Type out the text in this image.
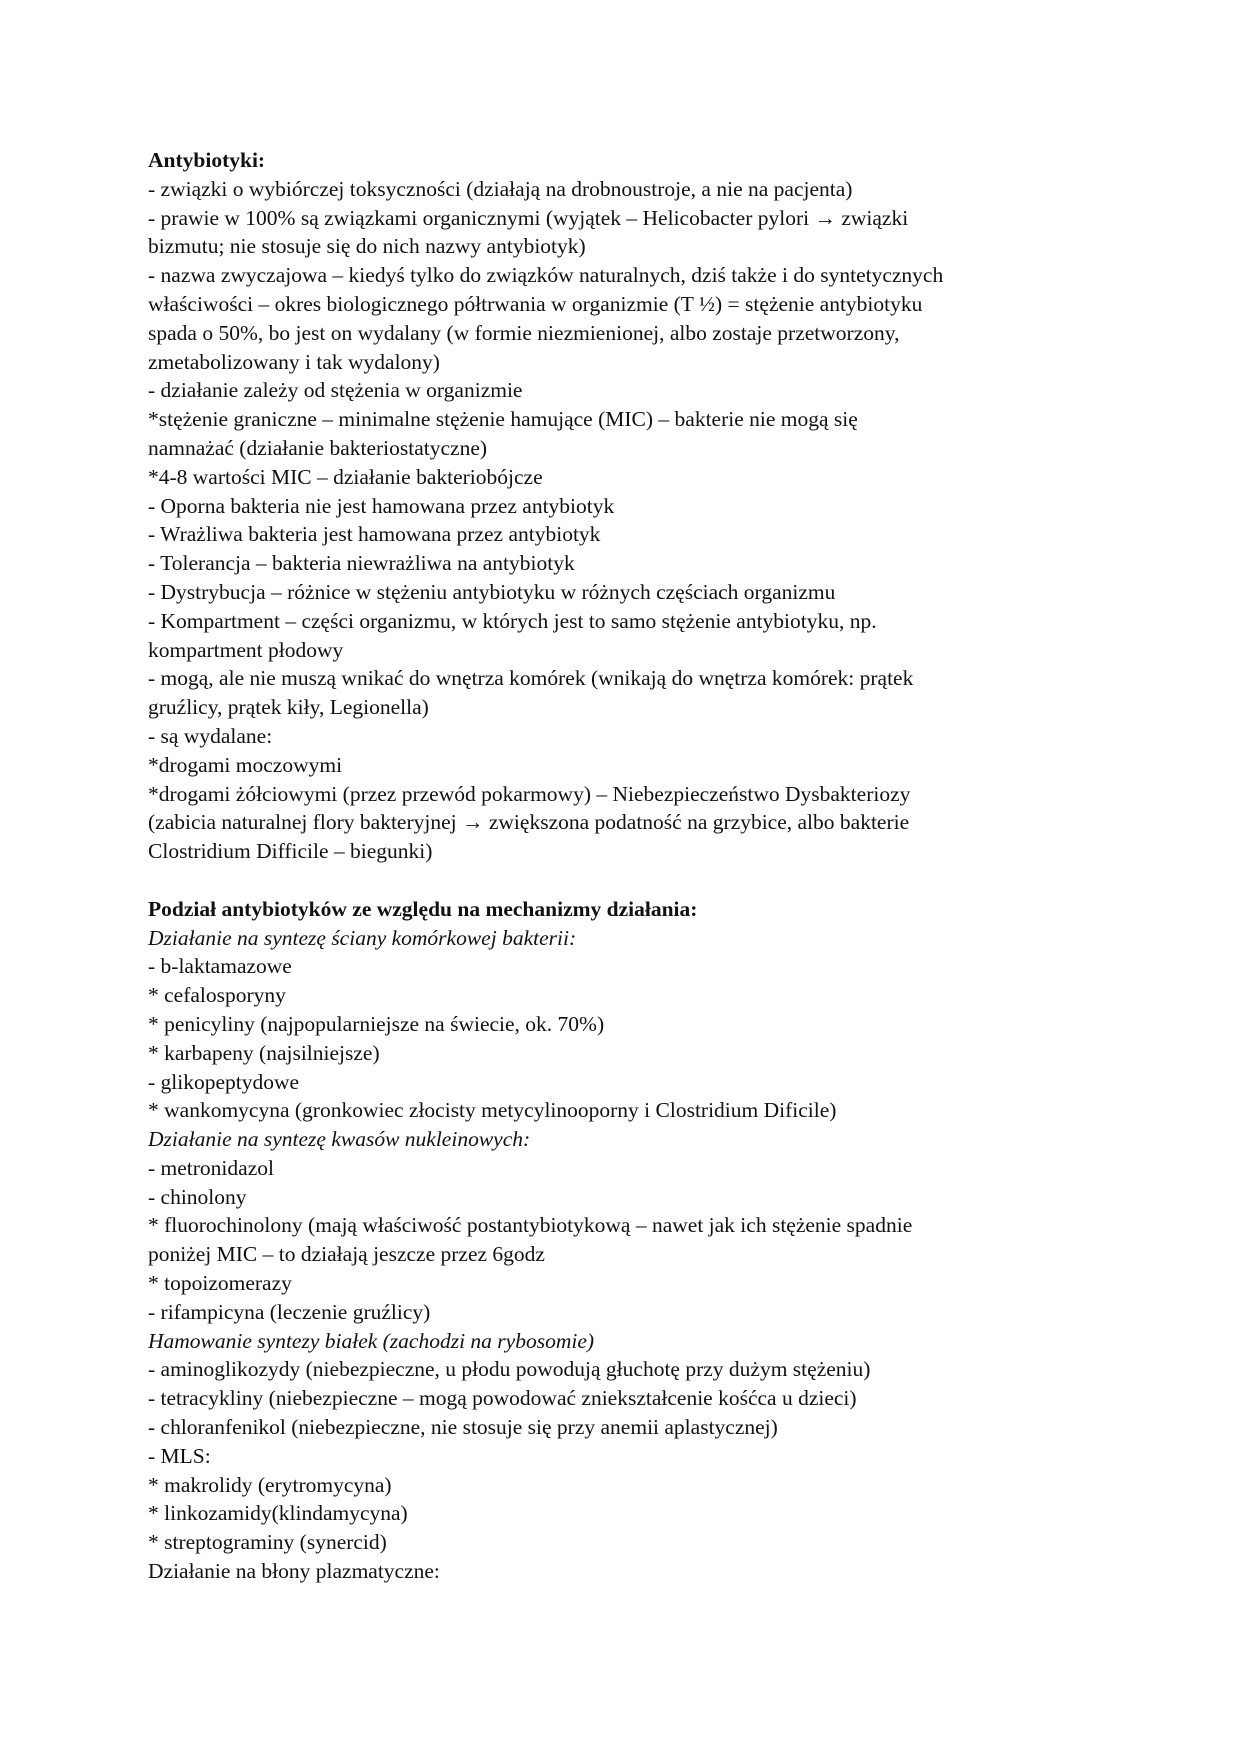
Antybiotyki:
- związki o wybiórczej toksyczności (działają na drobnoustroje, a nie na pacjenta)
- prawie w 100% są związkami organicznymi (wyjątek – Helicobacter pylori → związki
bizmutu; nie stosuje się do nich nazwy antybiotyk)
- nazwa zwyczajowa – kiedyś tylko do związków naturalnych, dziś także i do syntetycznych
właściwości – okres biologicznego półtrwania w organizmie (T ½) = stężenie antybiotyku
spada o 50%, bo jest on wydalany (w formie niezmienionej, albo zostaje przetworzony,
zmetabolizowany i tak wydalony)
- działanie zależy od stężenia w organizmie
*stężenie graniczne – minimalne stężenie hamujące (MIC) – bakterie nie mogą się
namnażać (działanie bakteriostatyczne)
*4-8 wartości MIC – działanie bakteriobójcze
- Oporna bakteria nie jest hamowana przez antybiotyk
- Wrażliwa bakteria jest hamowana przez antybiotyk
- Tolerancja – bakteria niewrażliwa na antybiotyk
- Dystrybucja – różnice w stężeniu antybiotyku w różnych częściach organizmu
- Kompartment – części organizmu, w których jest to samo stężenie antybiotyku, np.
kompartment płodowy
- mogą, ale nie muszą wnikać do wnętrza komórek (wnikają do wnętrza komórek: prątek
gruźlicy, prątek kiły, Legionella)
- są wydalane:
*drogami moczowymi
*drogami żółciowymi (przez przewód pokarmowy) – Niebezpieczeństwo Dysbakteriozy
(zabicia naturalnej flory bakteryjnej → zwiększona podatność na grzybice, albo bakterie
Clostridium Difficile – biegunki)
Podział antybiotyków ze względu na mechanizmy działania:
Działanie na syntezę ściany komórkowej bakterii:
- b-laktamazowe
* cefalosporyny
* penicyliny (najpopularniejsze na świecie, ok. 70%)
* karbapeny (najsilniejsze)
- glikopeptydowe
* wankomycyna (gronkowiec złocisty metycylinooporny i Clostridium Dificile)
Działanie na syntezę kwasów nukleinowych:
- metronidazol
- chinolony
* fluorochinolony (mają właściwość postantybiotykową – nawet jak ich stężenie spadnie
poniżej MIC – to działają jeszcze przez 6godz
* topoizomerazy
- rifampicyna (leczenie gruźlicy)
Hamowanie syntezy białek (zachodzi na rybosomie)
- aminoglikozydy (niebezpieczne, u płodu powodują głuchotę przy dużym stężeniu)
- tetracykliny (niebezpieczne – mogą powodować zniekształcenie kośćca u dzieci)
- chloranfenikol (niebezpieczne, nie stosuje się przy anemii aplastycznej)
- MLS:
* makrolidy (erytromycyna)
* linkozamidy(klindamycyna)
* streptograminy (synercid)
Działanie na błony plazmatyczne:
